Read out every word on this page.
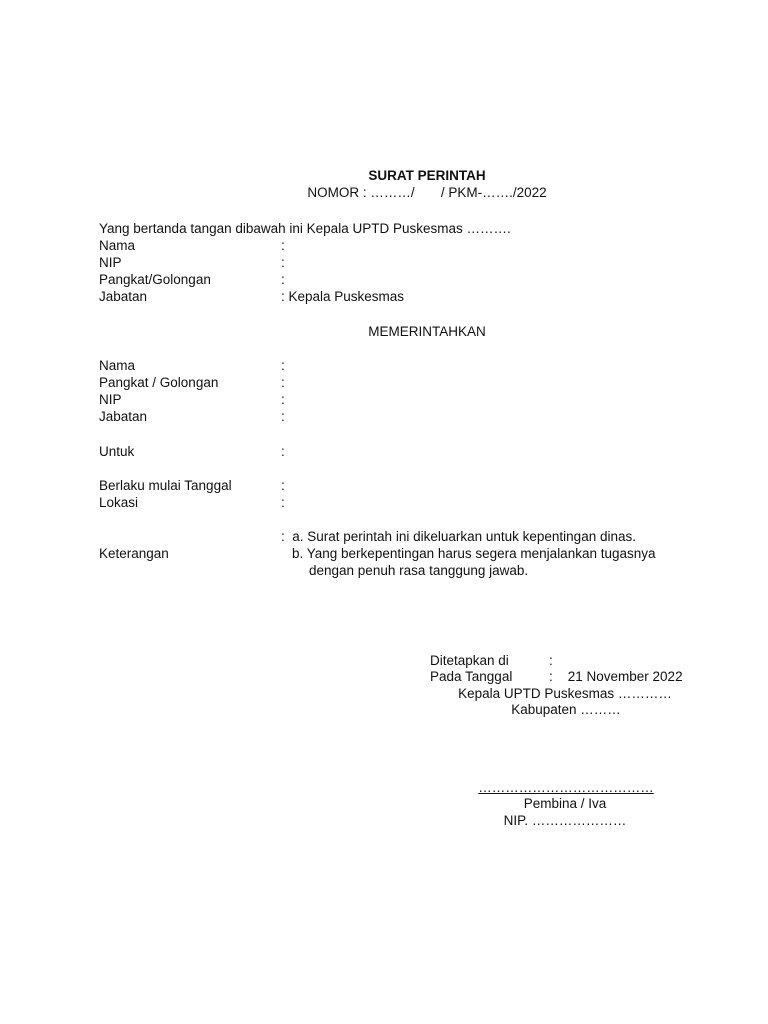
SURAT PERINTAH
NOMOR : ………/       / PKM-……./2022
Yang bertanda tangan dibawah ini Kepala UPTD Puskesmas ……….
Nama	:
NIP	:
Pangkat/Golongan	:
Jabatan	: Kepala Puskesmas
MEMERINTAHKAN
Nama	:
Pangkat / Golongan	:
NIP	:
Jabatan	:
Untuk	:
Berlaku mulai Tanggal	:
Lokasi	:
:  a. Surat perintah ini dikeluarkan untuk kepentingan dinas.
Keterangan	b. Yang berkepentingan harus segera menjalankan tugasnya
dengan penuh rasa tanggung jawab.
Ditetapkan di	:
Pada Tanggal	:    21 November 2022
Kepala UPTD Puskesmas …………
Kabupaten ………
…………………………………
Pembina / Iva
NIP. …………………
